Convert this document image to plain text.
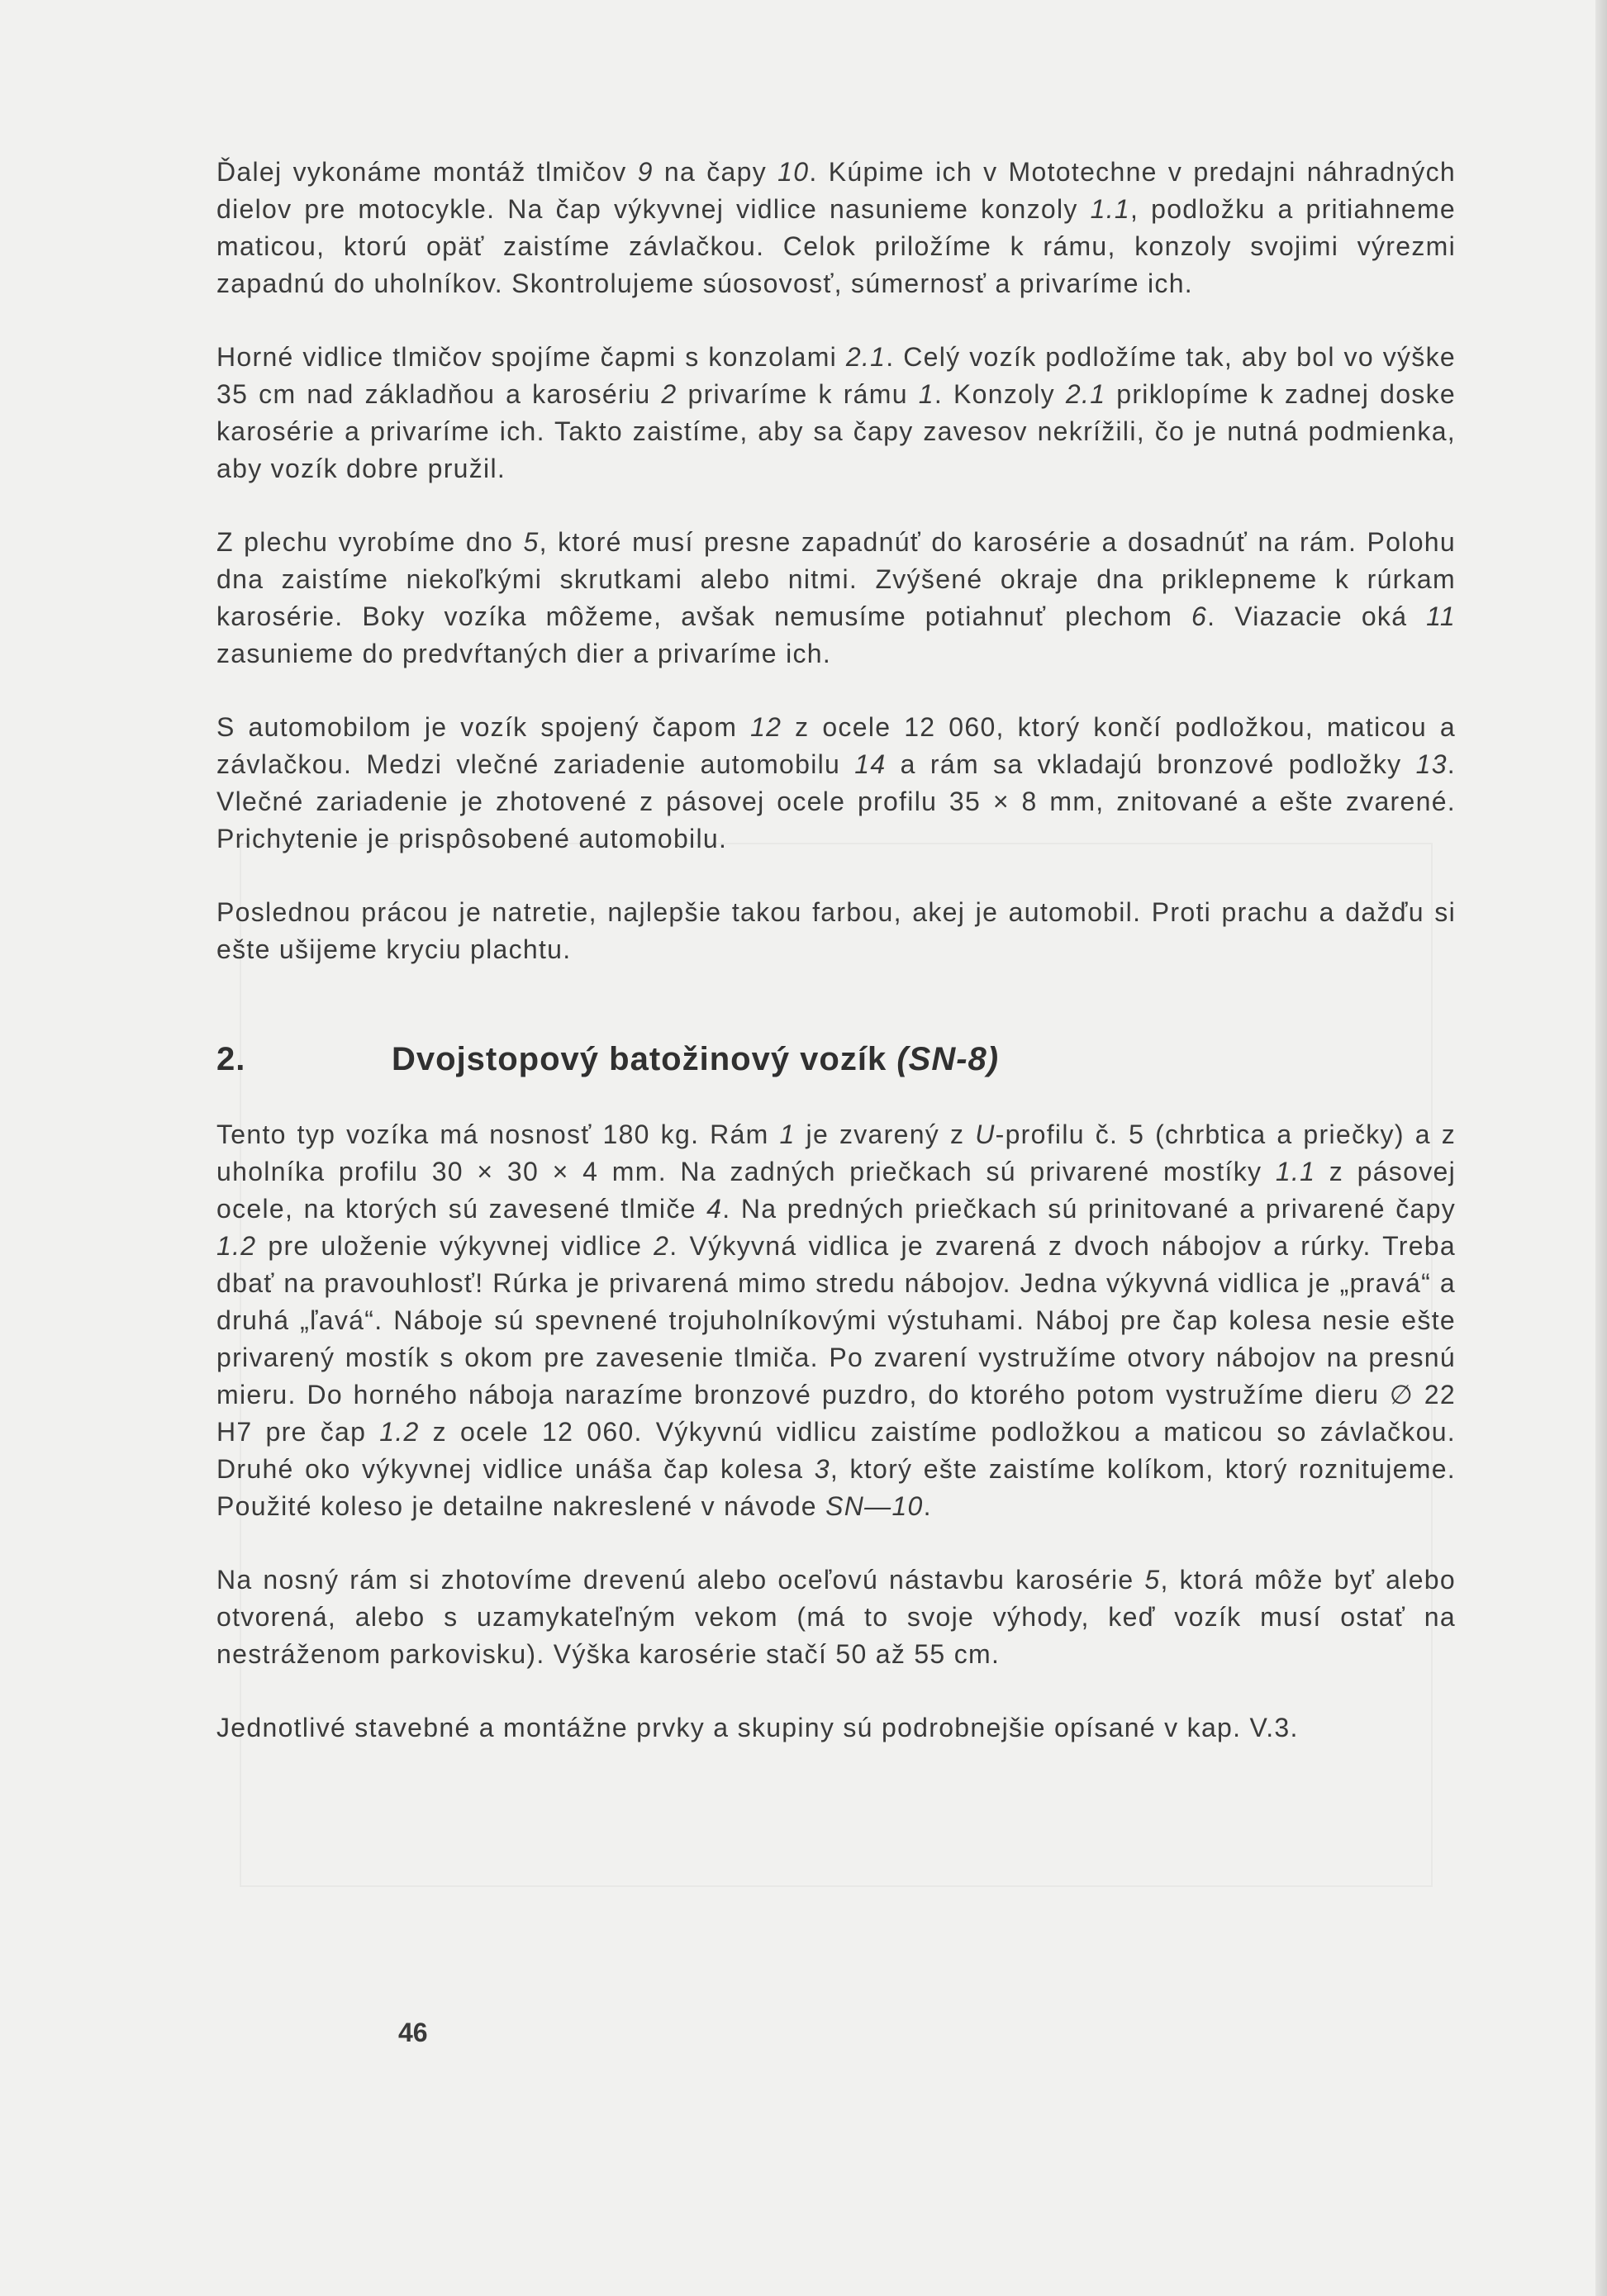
Ďalej vykonáme montáž tlmičov 9 na čapy 10. Kúpime ich v Mototechne v predajni náhradných dielov pre motocykle. Na čap výkyvnej vidlice nasunieme konzoly 1.1, podložku a pritiahneme maticou, ktorú opäť zaistíme závlačkou. Celok priložíme k rámu, konzoly svojimi výrezmi zapadnú do uholníkov. Skontrolujeme súosovosť, súmernosť a privaríme ich.

Horné vidlice tlmičov spojíme čapmi s konzolami 2.1. Celý vozík podložíme tak, aby bol vo výške 35 cm nad základňou a karosériu 2 privaríme k rámu 1. Konzoly 2.1 priklopíme k zadnej doske karosérie a privaríme ich. Takto zaistíme, aby sa čapy zavesov nekrížili, čo je nutná podmienka, aby vozík dobre pružil.

Z plechu vyrobíme dno 5, ktoré musí presne zapadnúť do karosérie a dosadnúť na rám. Polohu dna zaistíme niekoľkými skrutkami alebo nitmi. Zvýšené okraje dna priklepneme k rúrkam karosérie. Boky vozíka môžeme, avšak nemusíme potiahnuť plechom 6. Viazacie oká 11 zasunieme do predvŕtaných dier a privaríme ich.

S automobilom je vozík spojený čapom 12 z ocele 12 060, ktorý končí podložkou, maticou a závlačkou. Medzi vlečné zariadenie automobilu 14 a rám sa vkladajú bronzové podložky 13. Vlečné zariadenie je zhotovené z pásovej ocele profilu 35 × 8 mm, znitované a ešte zvarené. Prichytenie je prispôsobené automobilu.

Poslednou prácou je natretie, najlepšie takou farbou, akej je automobil. Proti prachu a dažďu si ešte ušijeme kryciu plachtu.

2.	Dvojstopový batožinový vozík (SN-8)

Tento typ vozíka má nosnosť 180 kg. Rám 1 je zvarený z U-profilu č. 5 (chrbtica a priečky) a z uholníka profilu 30 × 30 × 4 mm. Na zadných priečkach sú privarené mostíky 1.1 z pásovej ocele, na ktorých sú zavesené tlmiče 4. Na predných priečkach sú prinitované a privarené čapy 1.2 pre uloženie výkyvnej vidlice 2. Výkyvná vidlica je zvarená z dvoch nábojov a rúrky. Treba dbať na pravouhlosť! Rúrka je privarená mimo stredu nábojov. Jedna výkyvná vidlica je „pravá“ a druhá „ľavá“. Náboje sú spevnené trojuholníkovými výstuhami. Náboj pre čap kolesa nesie ešte privarený mostík s okom pre zavesenie tlmiča. Po zvarení vystružíme otvory nábojov na presnú mieru. Do horného náboja narazíme bronzové puzdro, do ktorého potom vystružíme dieru ∅ 22 H7 pre čap 1.2 z ocele 12 060. Výkyvnú vidlicu zaistíme podložkou a maticou so závlačkou. Druhé oko výkyvnej vidlice unáša čap kolesa 3, ktorý ešte zaistíme kolíkom, ktorý roznitujeme. Použité koleso je detailne nakreslené v návode SN—10.

Na nosný rám si zhotovíme drevenú alebo oceľovú nástavbu karosérie 5, ktorá môže byť alebo otvorená, alebo s uzamykateľným vekom (má to svoje výhody, keď vozík musí ostať na nestráženom parkovisku). Výška karosérie stačí 50 až 55 cm.

Jednotlivé stavebné a montážne prvky a skupiny sú podrobnejšie opísané v kap. V.3.

46
